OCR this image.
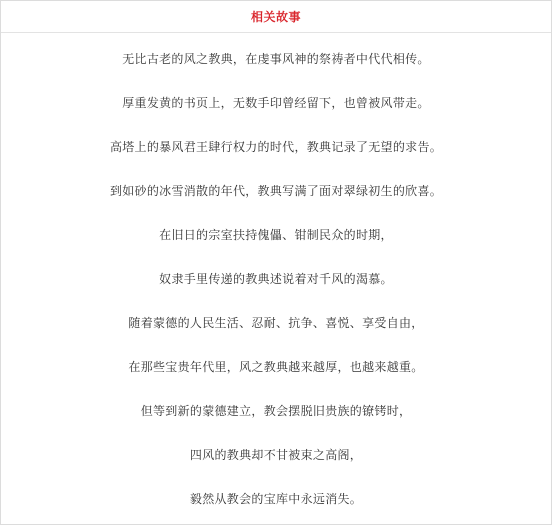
相关故事
无比古老的风之教典，在虔事风神的祭祷者中代代相传。
厚重发黄的书页上，无数手印曾经留下，也曾被风带走。
高塔上的暴风君王肆行权力的时代，教典记录了无望的求告。
到如砂的冰雪消散的年代，教典写满了面对翠绿初生的欣喜。
在旧日的宗室扶持傀儡、钳制民众的时期，
奴隶手里传递的教典述说着对千风的渴慕。
随着蒙德的人民生活、忍耐、抗争、喜悦、享受自由，
在那些宝贵年代里，风之教典越来越厚，也越来越重。
但等到新的蒙德建立，教会摆脱旧贵族的镣铐时，
四风的教典却不甘被束之高阁，
毅然从教会的宝库中永远消失。
